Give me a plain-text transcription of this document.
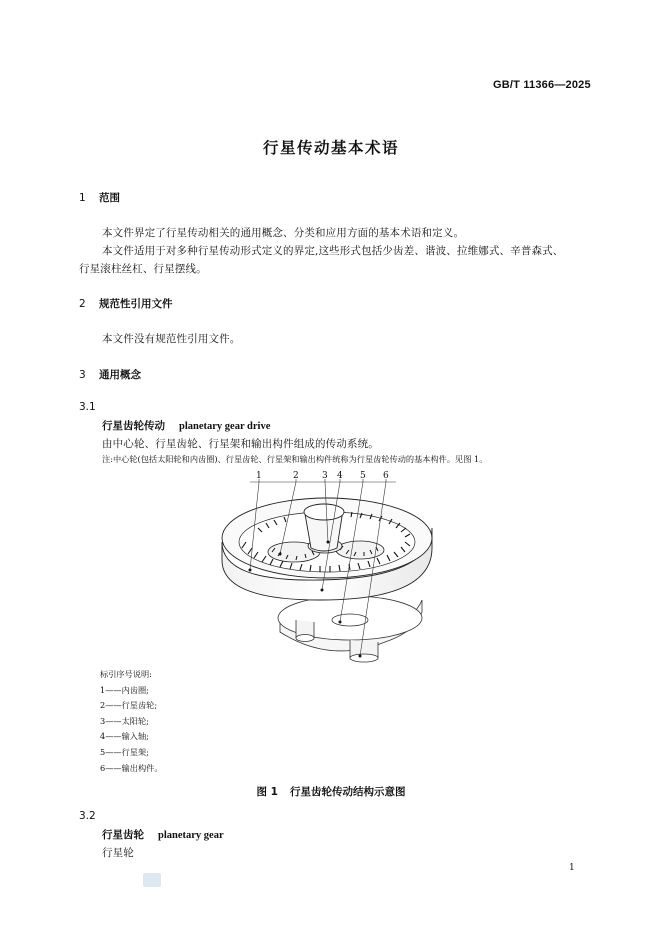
GB/T 11366—2025
行星传动基本术语
1 范围
本文件界定了行星传动相关的通用概念、分类和应用方面的基本术语和定义。
本文件适用于对多种行星传动形式定义的界定,这些形式包括少齿差、谐波、拉维娜式、辛普森式、
行星滚柱丝杠、行星摆线。
2 规范性引用文件
本文件没有规范性引用文件。
3 通用概念
3.1
行星齿轮传动 planetary gear drive
由中心轮、行星齿轮、行星架和输出构件组成的传动系统。
注:中心轮(包括太阳轮和内齿圈)、行星齿轮、行星架和输出构件统称为行星齿轮传动的基本构件。见图 1。
1	2	3 4 5 6
标引序号说明:
1——内齿圈;
2——行星齿轮;
3——太阳轮;
4——输入轴;
5——行星架;
6——输出构件。
图 1 行星齿轮传动结构示意图
3.2
行星齿轮 planetary gear
行星轮
1
